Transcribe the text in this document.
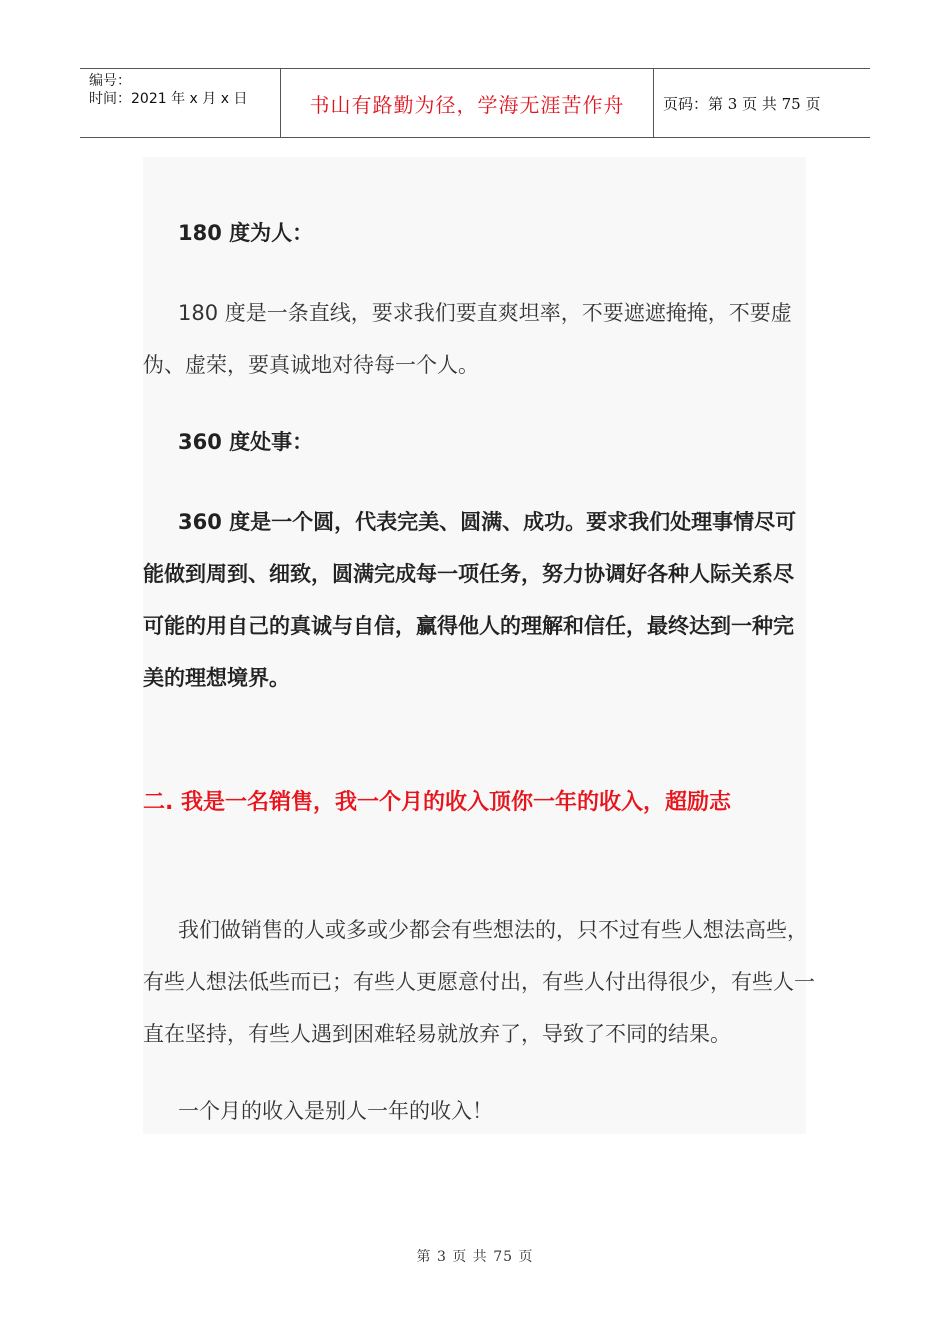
编号：
时间：2021 年 x 月 x 日	书山有路勤为径，学海无涯苦作舟	页码：第 3 页 共 75 页
180 度为人：
180 度是一条直线，要求我们要直爽坦率，不要遮遮掩掩，不要虚伪、虚荣，要真诚地对待每一个人。
360 度处事：
360 度是一个圆，代表完美、圆满、成功。要求我们处理事情尽可能做到周到、细致，圆满完成每一项任务，努力协调好各种人际关系尽可能的用自己的真诚与自信，赢得他人的理解和信任，最终达到一种完美的理想境界。
二. 我是一名销售，我一个月的收入顶你一年的收入，超励志
我们做销售的人或多或少都会有些想法的，只不过有些人想法高些，有些人想法低些而已；有些人更愿意付出，有些人付出得很少，有些人一直在坚持，有些人遇到困难轻易就放弃了，导致了不同的结果。
一个月的收入是别人一年的收入！
第 3 页 共 75 页
